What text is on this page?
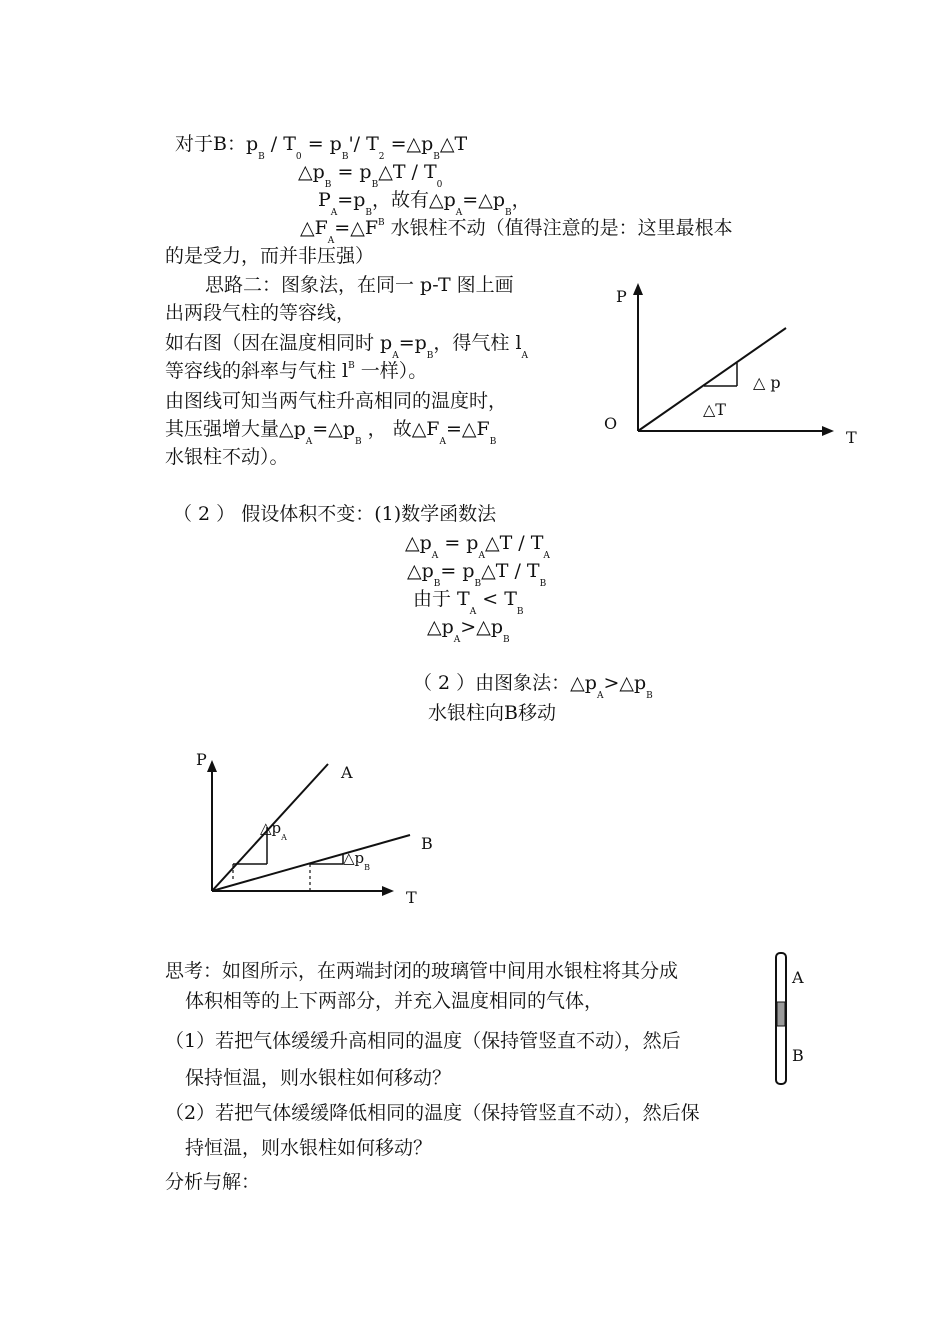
对于B：$p_B / T_0 = p_B'/$ $T_2$ $=\triangle p_B\triangle T$
$\triangle p_B$ = $p_B\triangle T / T_0$
$P_A=p_B$，故有$\triangle p_A=\triangle p_B$，
$\triangle F_A=\triangle F^B$ 水银柱不动（值得注意的是：这里最根本
的是受力，而并非压强）
思路二：图象法，在同一 p-T 图上画
出两段气柱的等容线，
如右图（因在温度相同时 $p_A=p_B$，得气柱 $l_A$
等容线的斜率与气柱 $l^B$ 一样）。
由图线可知当两气柱升高相同的温度时，
其压强增大量$\triangle p_A=\triangle p_B$ ， 故$\triangle F_A=\triangle F_B$
水银柱不动）。
P
T
O
△T
△ p
（ 2 ） 假设体积不变：(1)数学函数法
$\triangle p_A$ = $p_A\triangle T / T_A$
$\triangle p_B=$ $p_B\triangle T / T_B$
由于 $T_A < T_B$
$\triangle p_A>\triangle p_B$
（ 2 ）由图象法：$\triangle p_A>\triangle p_B$
水银柱向B移动
P
T
A
B
$\triangle p_A$
$\triangle p_B$
思考：如图所示，在两端封闭的玻璃管中间用水银柱将其分成
体积相等的上下两部分，并充入温度相同的气体，
（1）若把气体缓缓升高相同的温度（保持管竖直不动），然后
保持恒温，则水银柱如何移动？
（2）若把气体缓缓降低相同的温度（保持管竖直不动），然后保
持恒温，则水银柱如何移动？
分析与解：
A
B
